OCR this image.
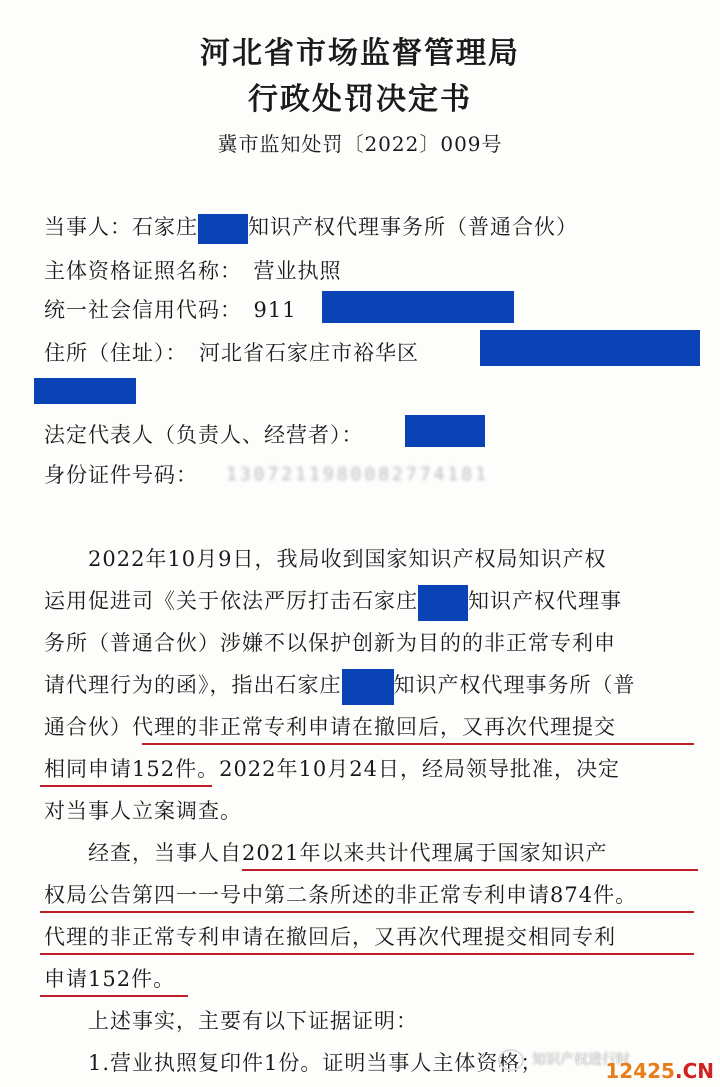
河北省市场监督管理局
行政处罚决定书
冀市监知处罚〔2022〕009号
当事人：石家庄 知识产权代理事务所（普通合伙）
主体资格证照名称：　营业执照
统一社会信用代码：　911
住所（住址）：　河北省石家庄市裕华区
法定代表人（负责人、经营者）：
身份证件号码： 1307211980082774181
　　2022年10月9日，我局收到国家知识产权局知识产权
运用促进司《关于依法严厉打击石家庄 知识产权代理事
务所（普通合伙）涉嫌不以保护创新为目的的非正常专利申
请代理行为的函》，指出石家庄 知识产权代理事务所（普
通合伙）代理的非正常专利申请在撤回后，又再次代理提交
相同申请152件。2022年10月24日，经局领导批准，决定
对当事人立案调查。
　　经查，当事人自2021年以来共计代理属于国家知识产
权局公告第四一一号中第二条所述的非正常专利申请874件。
代理的非正常专利申请在撤回后，又再次代理提交相同专利
申请152件。
　　上述事实，主要有以下证据证明：
　　1.营业执照复印件1份。证明当事人主体资格；
知识产权进行时
12425.CN
